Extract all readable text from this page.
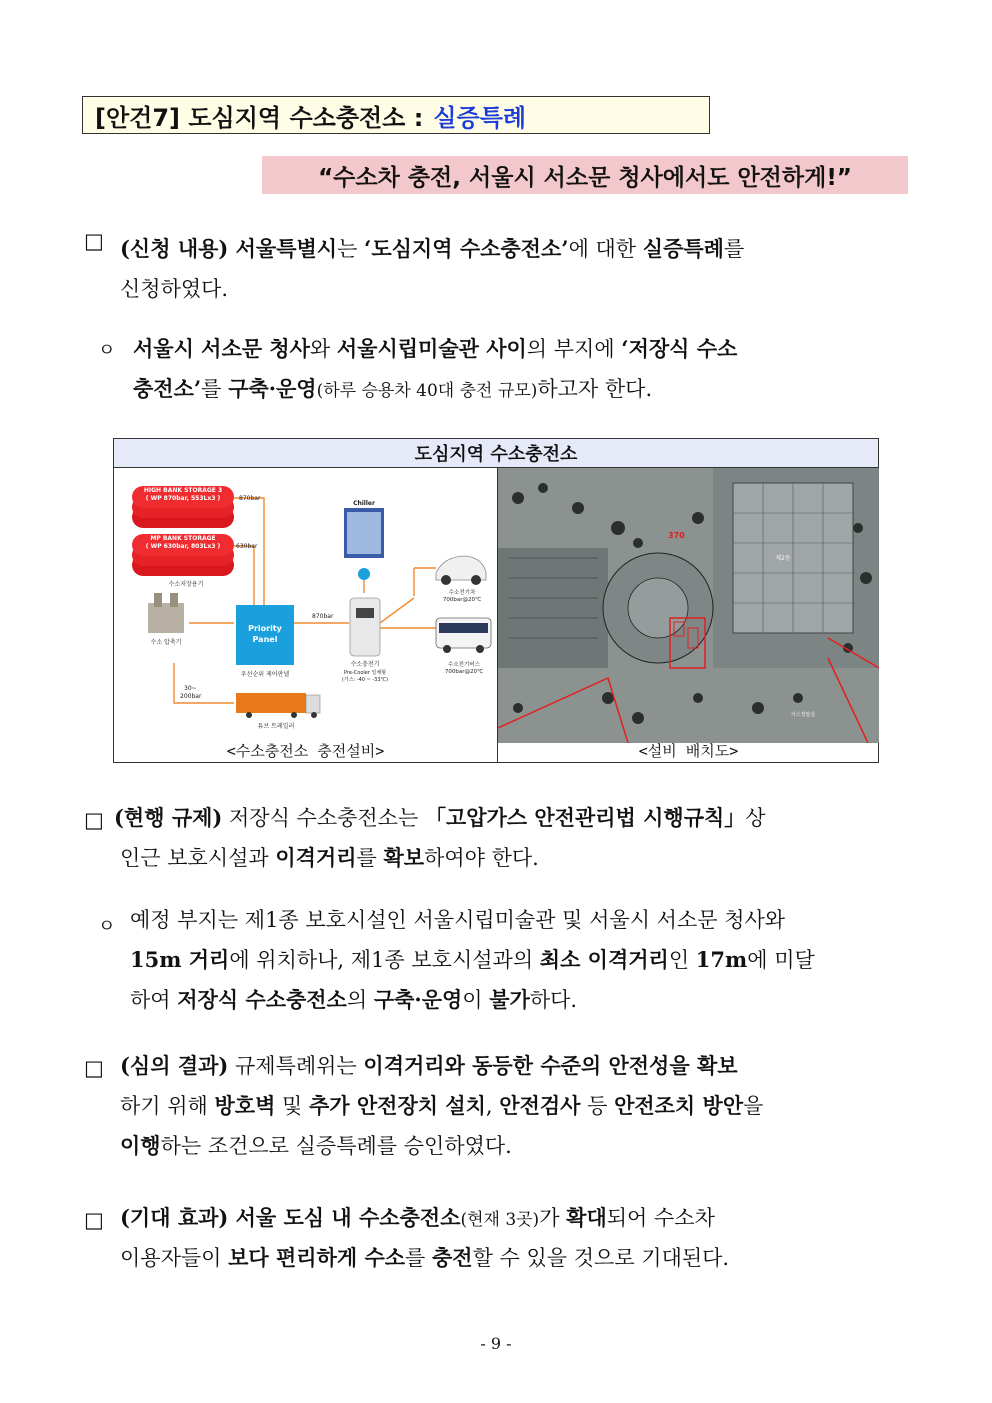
[안건7] 도심지역 수소충전소 : 실증특례
“수소차 충전, 서울시 서소문 청사에서도 안전하게!”
□ (신청 내용) 서울특별시는 ‘도심지역 수소충전소’에 대한 실증특례를
신청하였다.
ㅇ 서울시 서소문 청사와 서울시립미술관 사이의 부지에 ‘저장식 수소
충전소’를 구축·운영(하루 승용차 40대 충전 규모)하고자 한다.
도심지역 수소충전소
HIGH BANK STORAGE 3
( WP 870bar, 553Lx3 )
MP BANK STORAGE
( WP 630bar, 803Lx3 )
수소저장용기
870bar
630bar
870bar
Chiller
수소 압축기
Priority
Panel
우선순위 제어판넬
수소충전기
Pre-Cooler 일체형
(가스: -40 ~ -33℃)
수소전기차
700bar@20℃
수소전기버스
700bar@20℃
30~
200bar
튜브 트레일러
<수소충전소 충전설비>
370
제2동
가스정압실
<설비 배치도>
□ (현행 규제) 저장식 수소충전소는 「고압가스 안전관리법 시행규칙」상
인근 보호시설과 이격거리를 확보하여야 한다.
ㅇ 예정 부지는 제1종 보호시설인 서울시립미술관 및 서울시 서소문 청사와
15m 거리에 위치하나, 제1종 보호시설과의 최소 이격거리인 17m에 미달
하여 저장식 수소충전소의 구축·운영이 불가하다.
□ (심의 결과) 규제특례위는 이격거리와 동등한 수준의 안전성을 확보
하기 위해 방호벽 및 추가 안전장치 설치, 안전검사 등 안전조치 방안을
이행하는 조건으로 실증특례를 승인하였다.
□ (기대 효과) 서울 도심 내 수소충전소(현재 3곳)가 확대되어 수소차
이용자들이 보다 편리하게 수소를 충전할 수 있을 것으로 기대된다.
- 9 -
